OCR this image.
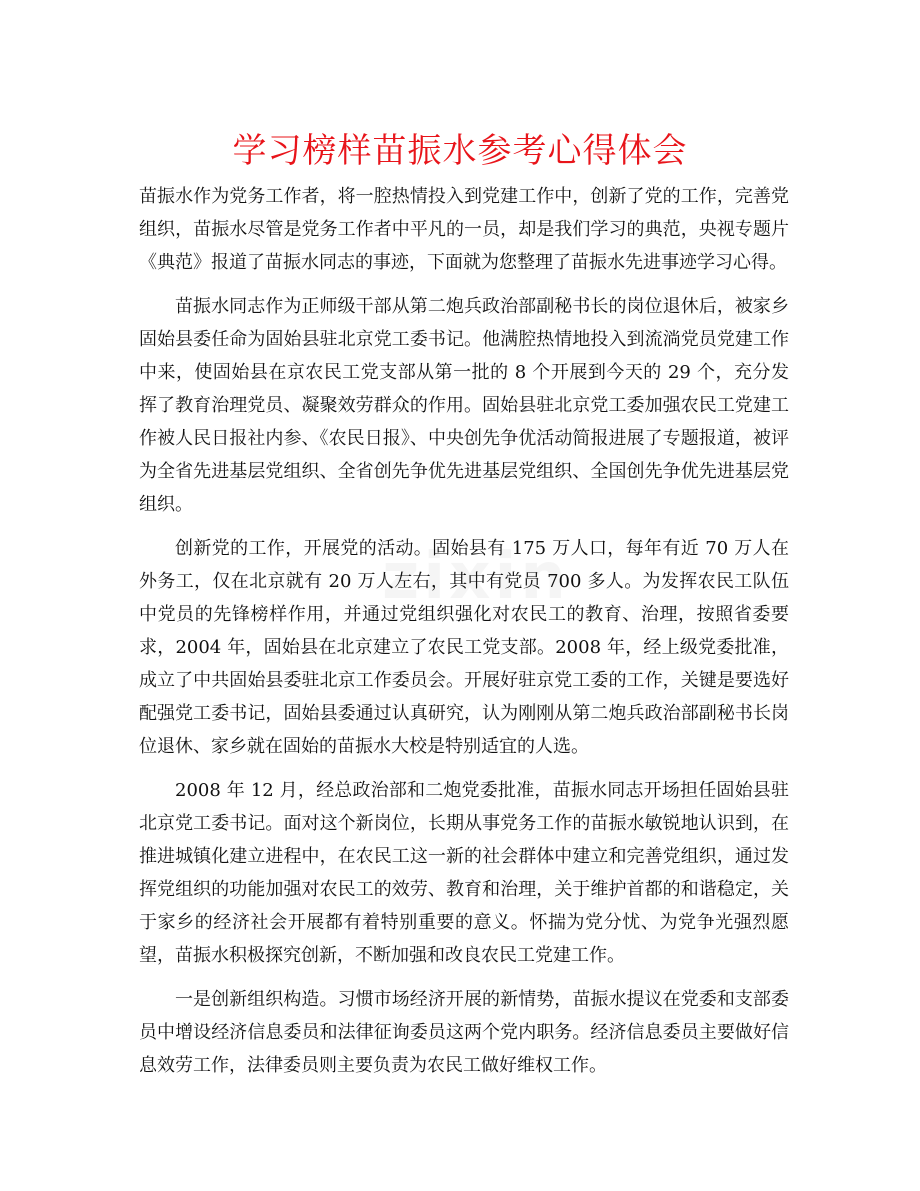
zixin
学习榜样苗振水参考心得体会

苗振水作为党务工作者，将一腔热情投入到党建工作中，创新了党的工作，完善党组织，苗振水尽管是党务工作者中平凡的一员，却是我们学习的典范，央视专题片《典范》报道了苗振水同志的事迹，下面就为您整理了苗振水先进事迹学习心得。

苗振水同志作为正师级干部从第二炮兵政治部副秘书长的岗位退休后，被家乡固始县委任命为固始县驻北京党工委书记。他满腔热情地投入到流淌党员党建工作中来，使固始县在京农民工党支部从第一批的 8 个开展到今天的 29 个，充分发挥了教育治理党员、凝聚效劳群众的作用。固始县驻北京党工委加强农民工党建工作被人民日报社内参、《农民日报》、中央创先争优活动简报进展了专题报道，被评为全省先进基层党组织、全省创先争优先进基层党组织、全国创先争优先进基层党组织。

创新党的工作，开展党的活动。固始县有 175 万人口，每年有近 70 万人在外务工，仅在北京就有 20 万人左右，其中有党员 700 多人。为发挥农民工队伍中党员的先锋榜样作用，并通过党组织强化对农民工的教育、治理，按照省委要求，2004 年，固始县在北京建立了农民工党支部。2008 年，经上级党委批准，成立了中共固始县委驻北京工作委员会。开展好驻京党工委的工作，关键是要选好配强党工委书记，固始县委通过认真研究，认为刚刚从第二炮兵政治部副秘书长岗位退休、家乡就在固始的苗振水大校是特别适宜的人选。

2008 年 12 月，经总政治部和二炮党委批准，苗振水同志开场担任固始县驻北京党工委书记。面对这个新岗位，长期从事党务工作的苗振水敏锐地认识到，在推进城镇化建立进程中，在农民工这一新的社会群体中建立和完善党组织，通过发挥党组织的功能加强对农民工的效劳、教育和治理，关于维护首都的和谐稳定，关于家乡的经济社会开展都有着特别重要的意义。怀揣为党分忧、为党争光强烈愿望，苗振水积极探究创新，不断加强和改良农民工党建工作。

一是创新组织构造。习惯市场经济开展的新情势，苗振水提议在党委和支部委员中增设经济信息委员和法律征询委员这两个党内职务。经济信息委员主要做好信息效劳工作，法律委员则主要负责为农民工做好维权工作。
